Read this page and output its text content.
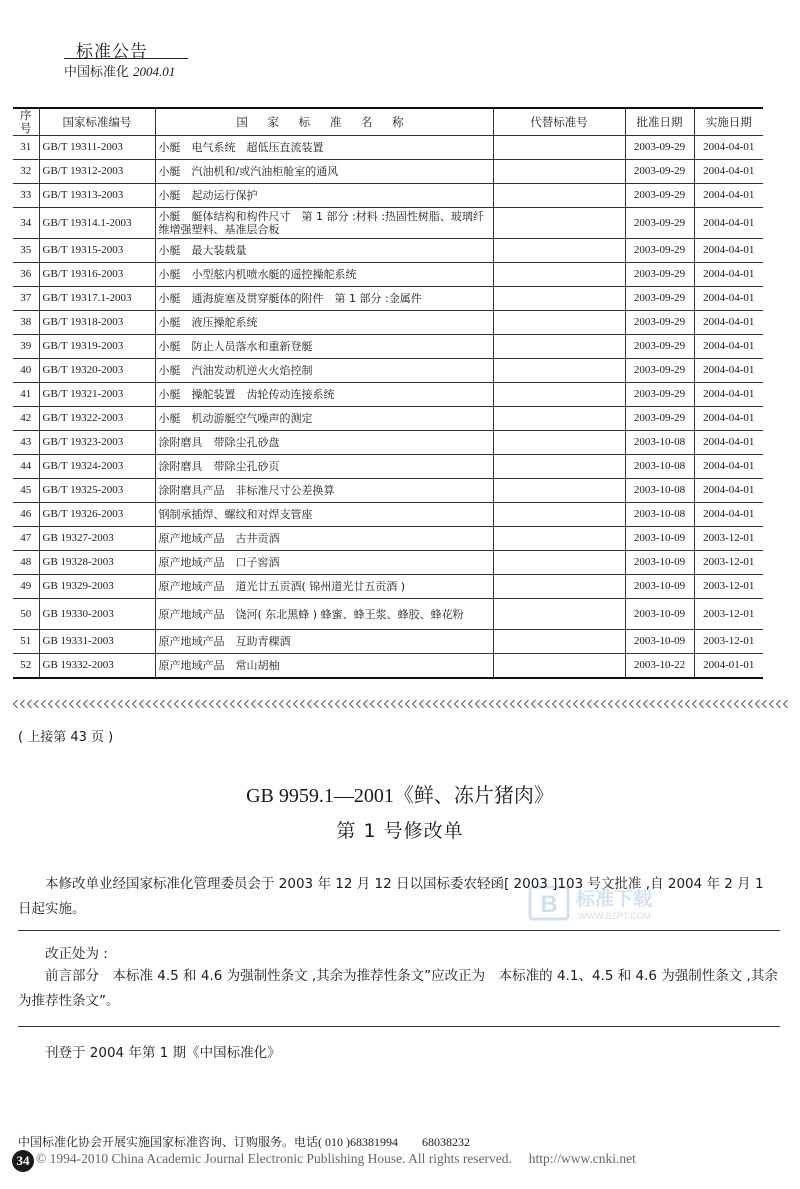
标准公告
中国标准化 2004.01
序号	国家标准编号	国 家 标 准 名 称	代替标准号	批准日期	实施日期
31	GB/T 19311-2003	小艇　电气系统　超低压直流装置		2003-09-29	2004-04-01
32	GB/T 19312-2003	小艇　汽油机和/或汽油柜舱室的通风		2003-09-29	2004-04-01
33	GB/T 19313-2003	小艇　起动运行保护		2003-09-29	2004-04-01
34	GB/T 19314.1-2003	小艇　艇体结构和构件尺寸　第 1 部分 :材料 :热固性树脂、玻璃纤维增强塑料、基准层合板		2003-09-29	2004-04-01
35	GB/T 19315-2003	小艇　最大装载量		2003-09-29	2004-04-01
36	GB/T 19316-2003	小艇　小型舷内机喷水艇的遥控操舵系统		2003-09-29	2004-04-01
37	GB/T 19317.1-2003	小艇　通海旋塞及贯穿艇体的附件　第 1 部分 :金属件		2003-09-29	2004-04-01
38	GB/T 19318-2003	小艇　液压操舵系统		2003-09-29	2004-04-01
39	GB/T 19319-2003	小艇　防止人员落水和重新登艇		2003-09-29	2004-04-01
40	GB/T 19320-2003	小艇　汽油发动机逆火火焰控制		2003-09-29	2004-04-01
41	GB/T 19321-2003	小艇　操舵装置　齿轮传动连接系统		2003-09-29	2004-04-01
42	GB/T 19322-2003	小艇　机动游艇空气噪声的测定		2003-09-29	2004-04-01
43	GB/T 19323-2003	涂附磨具　带除尘孔砂盘		2003-10-08	2004-04-01
44	GB/T 19324-2003	涂附磨具　带除尘孔砂页		2003-10-08	2004-04-01
45	GB/T 19325-2003	涂附磨具产品　非标准尺寸公差换算		2003-10-08	2004-04-01
46	GB/T 19326-2003	钢制承插焊、螺纹和对焊支管座		2003-10-08	2004-04-01
47	GB 19327-2003	原产地域产品　古井贡酒		2003-10-09	2003-12-01
48	GB 19328-2003	原产地域产品　口子窖酒		2003-10-09	2003-12-01
49	GB 19329-2003	原产地域产品　道光廿五贡酒( 锦州道光廿五贡酒 )		2003-10-09	2003-12-01
50	GB 19330-2003	原产地域产品　饶河( 东北黑蜂 ) 蜂蜜、蜂王浆、蜂胶、蜂花粉		2003-10-09	2003-12-01
51	GB 19331-2003	原产地域产品　互助青稞酒		2003-10-09	2003-12-01
52	GB 19332-2003	原产地域产品　常山胡柚		2003-10-22	2004-01-01
( 上接第 43 页 )
GB 9959.1—2001《鲜、冻片猪肉》
第 1 号修改单
B 标准下载
WWW.BZPT.COM
本修改单业经国家标准化管理委员会于 2003 年 12 月 12 日以国标委农轻函[ 2003 ]103 号文批准 ,自 2004 年 2 月 1 日起实施。
改正处为 :
前言部分　本标准 4.5 和 4.6 为强制性条文 ,其余为推荐性条文”应改正为　本标准的 4.1、4.5 和 4.6 为强制性条文 ,其余为推荐性条文”。
刊登于 2004 年第 1 期《中国标准化》
中国标准化协会开展实施国家标准咨询、订购服务。电话( 010 )68381994　　68038232
34 © 1994-2010 China Academic Journal Electronic Publishing House. All rights reserved.　 http://www.cnki.net
